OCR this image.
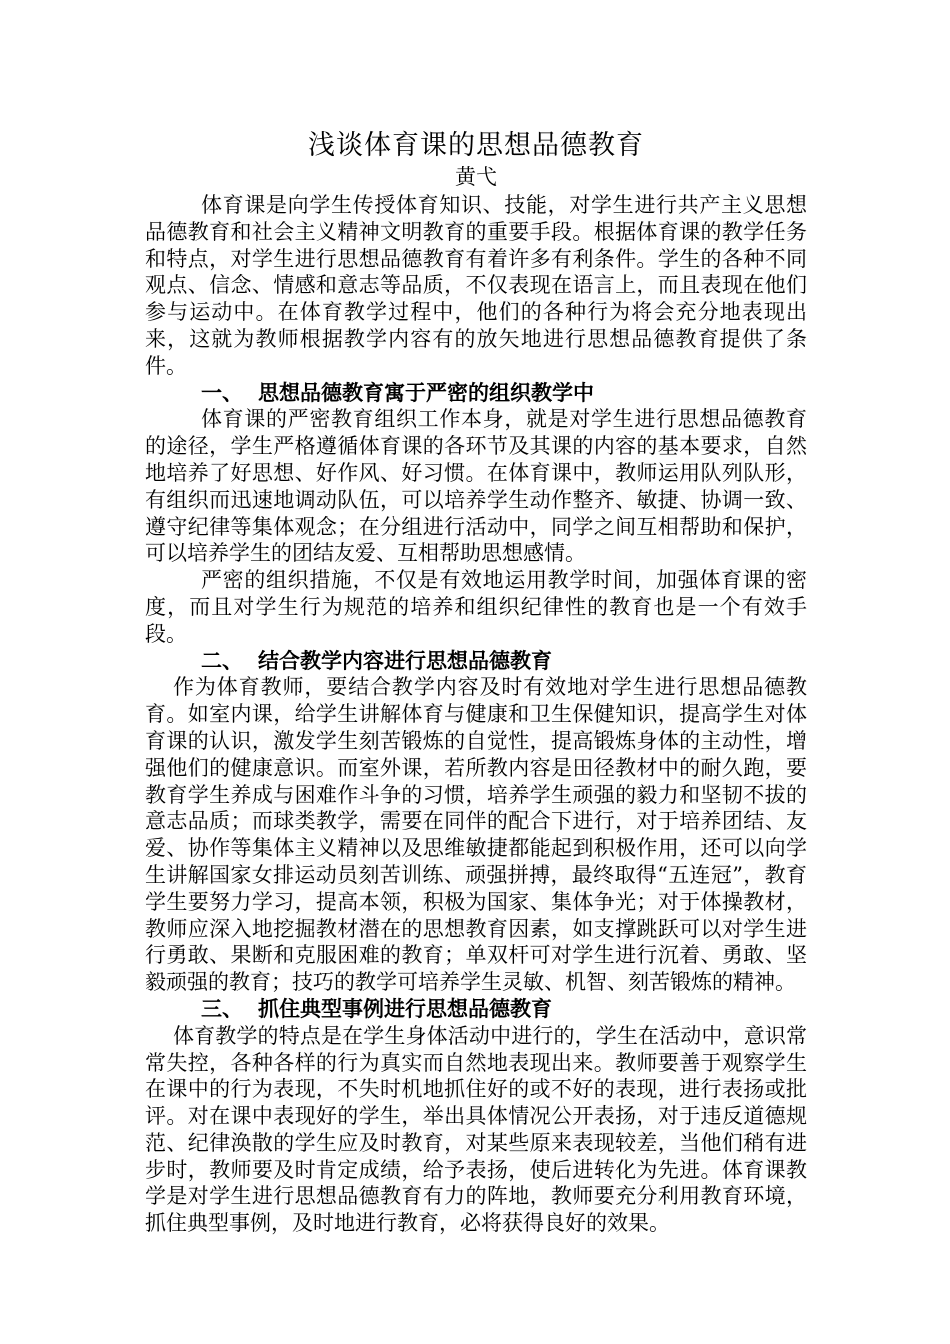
浅谈体育课的思想品德教育

黄弋

体育课是向学生传授体育知识、技能，对学生进行共产主义思想品德教育和社会主义精神文明教育的重要手段。根据体育课的教学任务和特点，对学生进行思想品德教育有着许多有利条件。学生的各种不同观点、信念、情感和意志等品质，不仅表现在语言上，而且表现在他们参与运动中。在体育教学过程中，他们的各种行为将会充分地表现出来，这就为教师根据教学内容有的放矢地进行思想品德教育提供了条件。

一、 思想品德教育寓于严密的组织教学中

体育课的严密教育组织工作本身，就是对学生进行思想品德教育的途径，学生严格遵循体育课的各环节及其课的内容的基本要求，自然地培养了好思想、好作风、好习惯。在体育课中，教师运用队列队形，有组织而迅速地调动队伍，可以培养学生动作整齐、敏捷、协调一致、遵守纪律等集体观念；在分组进行活动中，同学之间互相帮助和保护，可以培养学生的团结友爱、互相帮助思想感情。

严密的组织措施，不仅是有效地运用教学时间，加强体育课的密度，而且对学生行为规范的培养和组织纪律性的教育也是一个有效手段。

二、 结合教学内容进行思想品德教育

作为体育教师，要结合教学内容及时有效地对学生进行思想品德教育。如室内课，给学生讲解体育与健康和卫生保健知识，提高学生对体育课的认识，激发学生刻苦锻炼的自觉性，提高锻炼身体的主动性，增强他们的健康意识。而室外课，若所教内容是田径教材中的耐久跑，要教育学生养成与困难作斗争的习惯，培养学生顽强的毅力和坚韧不拔的意志品质；而球类教学，需要在同伴的配合下进行，对于培养团结、友爱、协作等集体主义精神以及思维敏捷都能起到积极作用，还可以向学生讲解国家女排运动员刻苦训练、顽强拼搏，最终取得“五连冠”，教育学生要努力学习，提高本领，积极为国家、集体争光；对于体操教材，教师应深入地挖掘教材潜在的思想教育因素，如支撑跳跃可以对学生进行勇敢、果断和克服困难的教育；单双杆可对学生进行沉着、勇敢、坚毅顽强的教育；技巧的教学可培养学生灵敏、机智、刻苦锻炼的精神。

三、 抓住典型事例进行思想品德教育

体育教学的特点是在学生身体活动中进行的，学生在活动中，意识常常失控，各种各样的行为真实而自然地表现出来。教师要善于观察学生在课中的行为表现，不失时机地抓住好的或不好的表现，进行表扬或批评。对在课中表现好的学生，举出具体情况公开表扬，对于违反道德规范、纪律涣散的学生应及时教育，对某些原来表现较差，当他们稍有进步时，教师要及时肯定成绩，给予表扬，使后进转化为先进。体育课教学是对学生进行思想品德教育有力的阵地，教师要充分利用教育环境，抓住典型事例，及时地进行教育，必将获得良好的效果。
